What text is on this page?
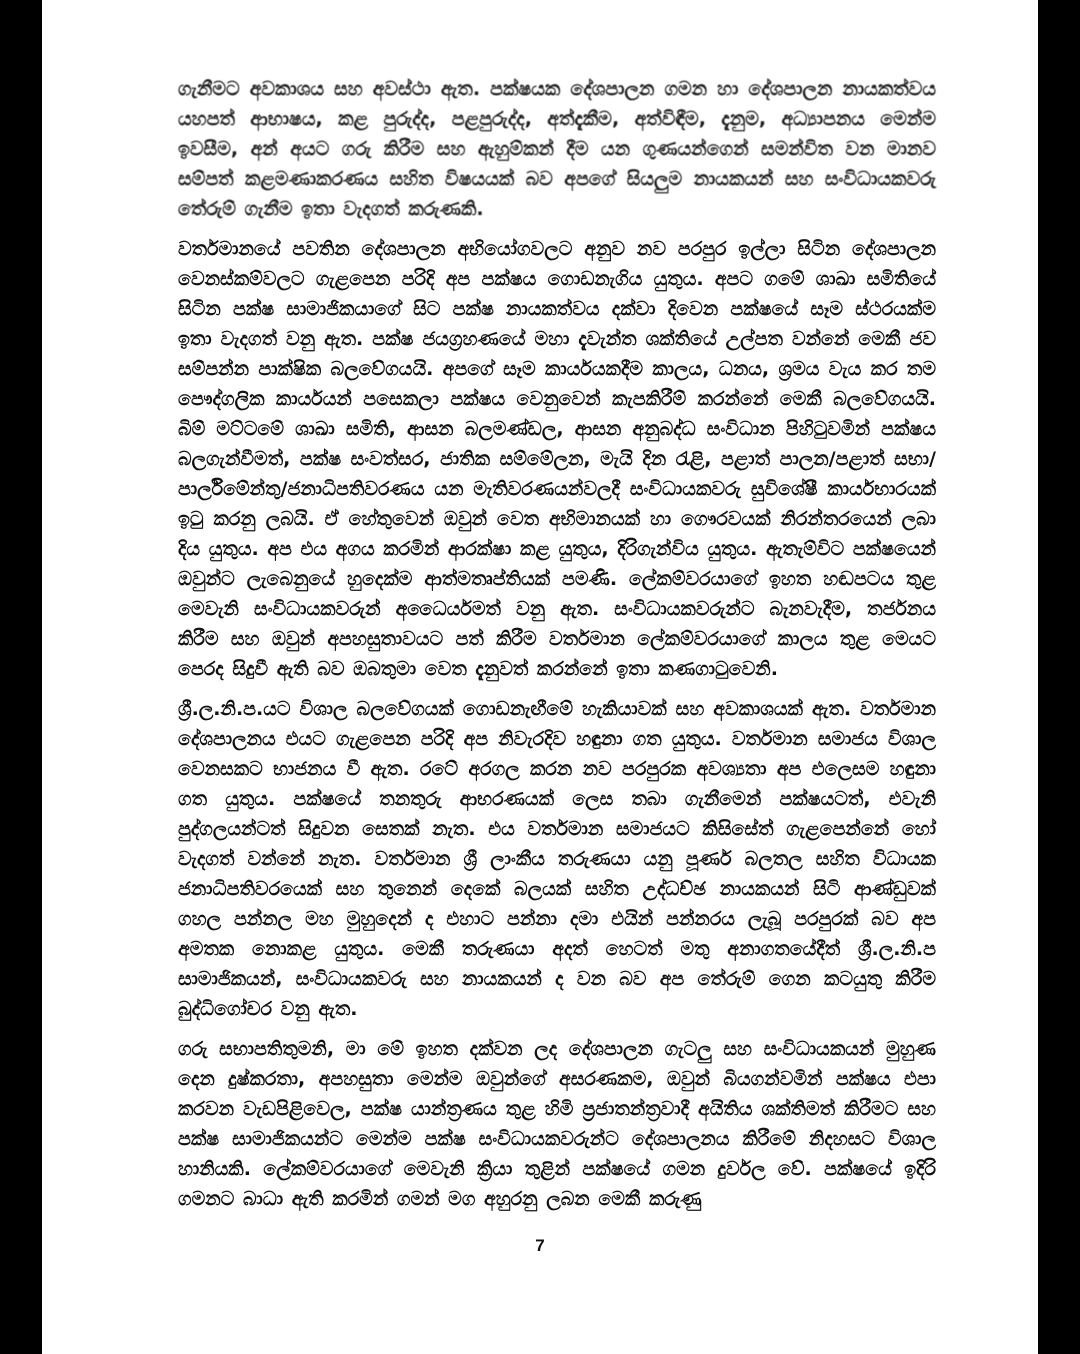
ගැනීමට අවකාශය සහ අවස්ථා ඇත. පක්ෂයක දේශපාලන ගමන හා දේශපාලන නායකත්වය යහපත් ආභාෂය, කළ පුරුද්ද, පළපුරුද්ද, අත්දැකීම, අත්විඳීම, දැනුම, අධ්‍යාපනය මෙන්ම ඉවසීම, අන් අයට ගරු කිරීම සහ ඇහුම්කන් දීම යන ගුණයන්ගෙන් සමන්විත වන මානව සම්පත් කළමණාකරණය සහිත විෂයයක් බව අපගේ සියලුම නායකයන් සහ සංවිධායකවරු තේරුම් ගැනීම ඉතා වැදගත් කරුණකි.

වර්තමානයේ පවතින දේශපාලන අභියෝගවලට අනුව නව පරපුර ඉල්ලා සිටින දේශපාලන වෙනස්කම්වලට ගැළපෙන පරිදි අප පක්ෂය ගොඩනැගිය යුතුය. අපට ගමේ ශාඛා සමිතියේ සිටින පක්ෂ සාමාජිකයාගේ සිට පක්ෂ නායකත්වය දක්වා දිවෙන පක්ෂයේ සෑම ස්ථරයක්ම ඉතා වැදගත් වනු ඇත. පක්ෂ ජයග්‍රහණයේ මහා දැවැන්ත ශක්තියේ උල්පත වන්නේ මෙකී ජව සම්පන්න පාක්ෂික බලවේගයයි. අපගේ සෑම කාර්යයකදීම කාලය, ධනය, ශ්‍රමය වැය කර තම පෞද්ගලික කාර්යයන් පසෙකලා පක්ෂය වෙනුවෙන් කැපකිරීම් කරන්නේ මෙකී බලවේගයයි. බිම් මට්ටමේ ශාඛා සමිති, ආසන බලමණ්ඩල, ආසන අනුබද්ධ සංවිධාන පිහිටුවමින් පක්ෂය බලගැන්වීමත්, පක්ෂ සංවත්සර, ජාතික සම්මේලන, මැයි දින රැළි, පළාත් පාලන/පළාත් සභා/පාර්ලිමේන්තු/ජනාධිපතිවරණය යන මැතිවරණයන්වලදී සංවිධායකවරු සුවිශේෂී කාර්යභාරයක් ඉටු කරනු ලබයි. ඒ හේතුවෙන් ඔවුන් වෙත අභිමානයක් හා ගෞරවයක් නිරන්තරයෙන් ලබා දිය යුතුය. අප එය අගය කරමින් ආරක්ෂා කළ යුතුය, දිරිගැන්විය යුතුය. ඇතැම්විට පක්ෂයෙන් ඔවුන්ට ලැබෙනුයේ හුදෙක්ම ආත්මතෘප්තියක් පමණි. ලේකම්වරයාගේ ඉහත හඬපටය තුළ මෙවැනි සංවිධායකවරුන් අධෛර්යමත් වනු ඇත. සංවිධායකවරුන්ට බැනවැදීම, තර්ජනය කිරීම සහ ඔවුන් අපහසුතාවයට පත් කිරීම වර්තමාන ලේකම්වරයාගේ කාලය තුළ මෙයට පෙරද සිදුවී ඇති බව ඔබතුමා වෙත දැනුවත් කරන්නේ ඉතා කණගාටුවෙනි.

ශ්‍රී.ල.නි.ප.යට විශාල බලවේගයක් ගොඩනැඟීමේ හැකියාවක් සහ අවකාශයක් ඇත. වර්තමාන දේශපාලනය එයට ගැළපෙන පරිදි අප නිවැරදිව හඳුනා ගත යුතුය. වර්තමාන සමාජය විශාල වෙනසකට භාජනය වී ඇත. රටේ අරගල කරන නව පරපුරක අවශ්‍යතා අප එලෙසම හඳුනා ගත යුතුය. පක්ෂයේ තනතුරු ආභරණයක් ලෙස තබා ගැනීමෙන් පක්ෂයටත්, එවැනි පුද්ගලයන්ටත් සිදුවන සෙතක් නැත. එය වර්තමාන සමාජයට කිසිසේත් ගැළපෙන්නේ හෝ වැදගත් වන්නේ නැත. වර්තමාන ශ්‍රී ලාංකීය තරුණයා යනු පූර්ණ බලතල සහිත විධායක ජනාධිපතිවරයෙක් සහ තුනෙන් දෙකේ බලයක් සහිත උද්ධච්ඡ නායකයන් සිටි ආණ්ඩුවක් ගහල පන්නල මහ මුහුදෙන් ද එහාට පන්නා දමා එයින් පන්නරය ලැබූ පරපුරක් බව අප අමතක නොකළ යුතුය. මෙකී තරුණයා අදත් හෙටත් මතු අනාගතයේදීත් ශ්‍රී.ල.නි.ප සාමාජිකයන්, සංවිධායකවරු සහ නායකයන් ද වන බව අප තේරුම් ගෙන කටයුතු කිරීම බුද්ධිගෝචර වනු ඇත.

ගරු සභාපතිතුමනි, මා මේ ඉහත දක්වන ලද දේශපාලන ගැටලු සහ සංවිධායකයන් මුහුණ දෙන දුෂ්කරතා, අපහසුතා මෙන්ම ඔවුන්ගේ අසරණකම, ඔවුන් බියගන්වමින් පක්ෂය එපා කරවන වැඩපිළිවෙල, පක්ෂ යාන්ත්‍රණය තුළ හිමි ප්‍රජාතන්ත්‍රවාදී අයිතිය ශක්තිමත් කිරීමට සහ පක්ෂ සාමාජිකයන්ට මෙන්ම පක්ෂ සංවිධායකවරුන්ට දේශපාලනය කිරීමේ නිදහසට විශාල හානියකි. ලේකම්වරයාගේ මෙවැනි ක්‍රියා තුළින් පක්ෂයේ ගමන දුර්වල වේ. පක්ෂයේ ඉදිරි ගමනට බාධා ඇති කරමින් ගමන් මග අහුරනු ලබන මෙකී කරුණු

7
